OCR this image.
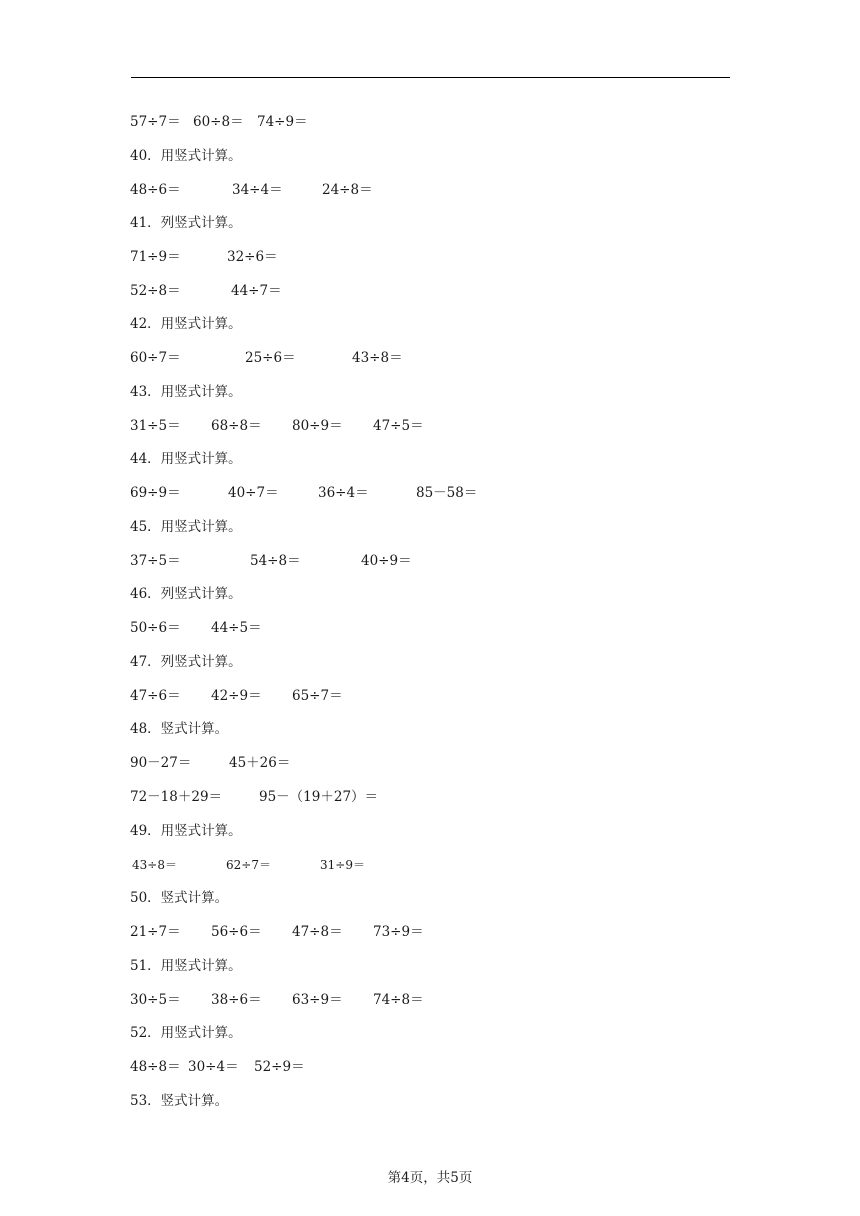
57÷7＝ 60÷8＝ 74÷9＝
40．用竖式计算。
48÷6＝	34÷4＝	24÷8＝
41．列竖式计算。
71÷9＝	32÷6＝
52÷8＝	44÷7＝
42．用竖式计算。
60÷7＝	25÷6＝	43÷8＝
43．用竖式计算。
31÷5＝ 68÷8＝ 80÷9＝ 47÷5＝
44．用竖式计算。
69÷9＝	40÷7＝	36÷4＝	85－58＝
45．用竖式计算。
37÷5＝	54÷8＝	40÷9＝
46．列竖式计算。
50÷6＝ 44÷5＝
47．列竖式计算。
47÷6＝ 42÷9＝ 65÷7＝
48．竖式计算。
90－27＝	45＋26＝
72－18＋29＝	95－（19＋27）＝
49．用竖式计算。
43÷8＝	62÷7＝	31÷9＝
50．竖式计算。
21÷7＝ 56÷6＝ 47÷8＝ 73÷9＝
51．用竖式计算。
30÷5＝ 38÷6＝ 63÷9＝ 74÷8＝
52．用竖式计算。
48÷8＝ 30÷4＝ 52÷9＝
53．竖式计算。
第4页，共5页
